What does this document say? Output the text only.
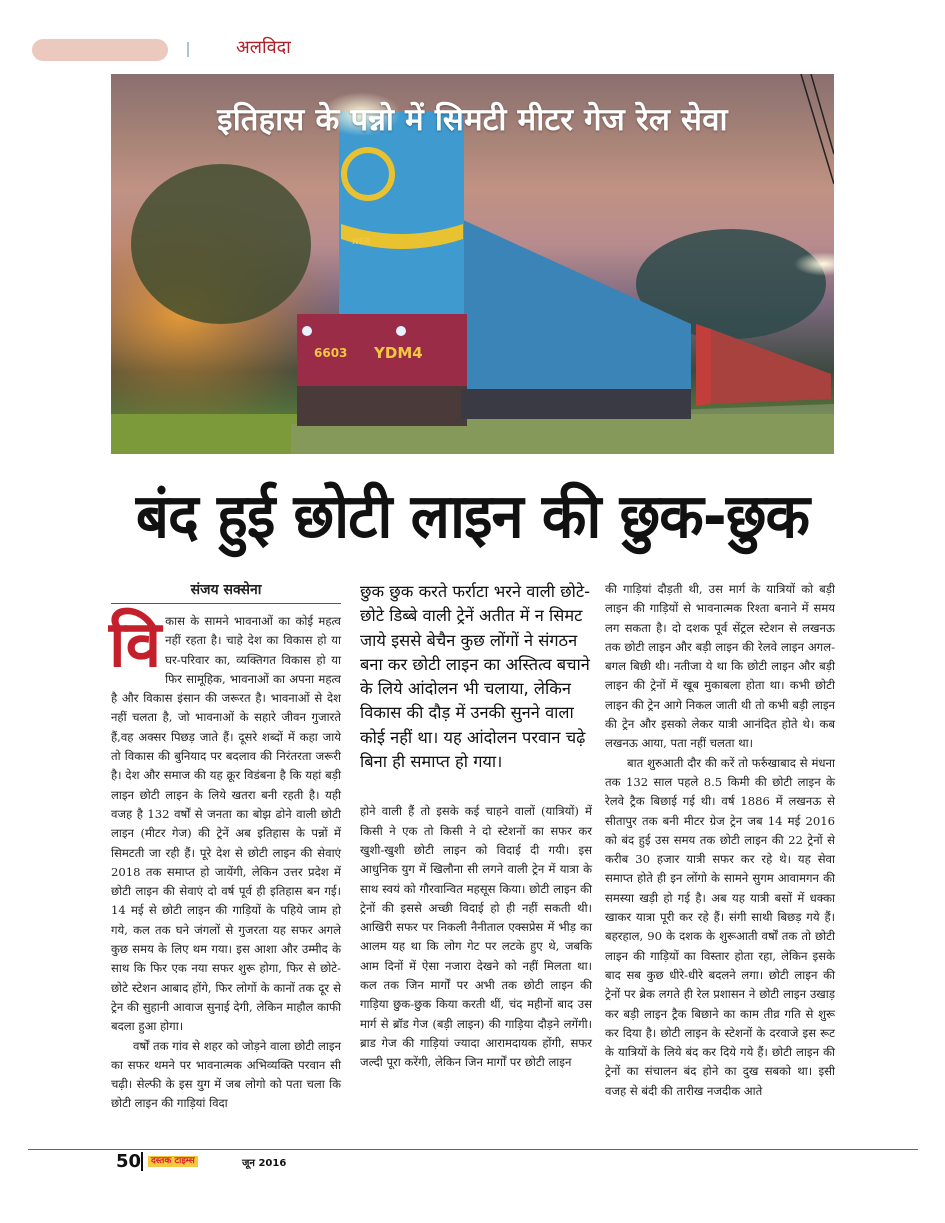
अलविदा
इतिहास के पन्नो में सिमटी मीटर गेज रेल सेवा
NER
6603 YDM4
बंद हुई छोटी लाइन की छुक-छुक
संजय सक्सेना
वि कास के सामने भावनाओं का कोई महत्व नहीं रहता है। चाहे देश का विकास हो या घर-परिवार का, व्यक्तिगत विकास हो या फिर सामूहिक, भावनाओं का अपना महत्व है और विकास इंसान की जरूरत है। भावनाओं से देश नहीं चलता है, जो भावनाओं के सहारे जीवन गुजारते हैं,वह अक्सर पिछड़ जाते हैं। दूसरे शब्दों में कहा जाये तो विकास की बुनियाद पर बदलाव की निरंतरता जरूरी है। देश और समाज की यह क्रूर विडंबना है कि यहां बड़ी लाइन छोटी लाइन के लिये खतरा बनी रहती है। यही वजह है 132 वर्षों से जनता का बोझ ढोने वाली छोटी लाइन (मीटर गेज) की ट्रेनें अब इतिहास के पन्नों में सिमटती जा रही हैं। पूरे देश से छोटी लाइन की सेवाएं 2018 तक समाप्त हो जायेंगी, लेकिन उत्तर प्रदेश में छोटी लाइन की सेवाएं दो वर्ष पूर्व ही इतिहास बन गई। 14 मई से छोटी लाइन की गाड़ियों के पहिये जाम हो गये, कल तक घने जंगलों से गुजरता यह सफर अगले कुछ समय के लिए थम गया। इस आशा और उम्मीद के साथ कि फिर एक नया सफर शुरू होगा, फिर से छोटे-छोटे स्टेशन आबाद होंगे, फिर लोगों के कानों तक दूर से ट्रेन की सुहानी आवाज सुनाई देगी, लेकिन माहौल काफी बदला हुआ होगा।

वर्षों तक गांव से शहर को जोड़ने वाला छोटी लाइन का सफर थमने पर भावनात्मक अभिव्यक्ति परवान सी चढ़ी। सेल्फी के इस युग में जब लोगो को पता चला कि छोटी लाइन की गाड़ियां विदा

छुक छुक करते फर्राटा भरने वाली छोटे-छोटे डिब्बे वाली ट्रेनें अतीत में न सिमट जाये इससे बेचैन कुछ लोंगों ने संगठन बना कर छोटी लाइन का अस्तित्व बचाने के लिये आंदोलन भी चलाया, लेकिन विकास की दौड़ में उनकी सुनने वाला कोई नहीं था। यह आंदोलन परवान चढ़े बिना ही समाप्त हो गया।

होने वाली हैं तो इसके कई चाहने वालों (यात्रियों) में किसी ने एक तो किसी ने दो स्टेशनों का सफर कर खुशी-खुशी छोटी लाइन को विदाई दी गयी। इस आधुनिक युग में खिलौना सी लगने वाली ट्रेन में यात्रा के साथ स्वयं को गौरवान्वित महसूस किया। छोटी लाइन की ट्रेनों की इससे अच्छी विदाई हो ही नहीं सकती थी। आखिरी सफर पर निकली नैनीताल एक्सप्रेस में भीड़ का आलम यह था कि लोग गेट पर लटके हुए थे, जबकि आम दिनों में ऐसा नजारा देखने को नहीं मिलता था। कल तक जिन मार्गों पर अभी तक छोटी लाइन की गाड़िया छुक-छुक किया करती थीं, चंद महीनों बाद उस मार्ग से ब्रॉड गेज (बड़ी लाइन) की गाड़िया दौड़ने लगेंगी। ब्राड गेज की गाड़ियां ज्यादा आरामदायक होंगी, सफर जल्दी पूरा करेंगी, लेकिन जिन मार्गों पर छोटी लाइन

की गाड़ियां दौड़ती थी, उस मार्ग के यात्रियों को बड़ी लाइन की गाड़ियों से भावनात्मक रिश्ता बनाने में समय लग सकता है। दो दशक पूर्व सेंट्रल स्टेशन से लखनऊ तक छोटी लाइन और बड़ी लाइन की रेलवे लाइन अगल-बगल बिछी थी। नतीजा ये था कि छोटी लाइन और बड़ी लाइन की ट्रेनों में खूब मुकाबला होता था। कभी छोटी लाइन की ट्रेन आगे निकल जाती थी तो कभी बड़ी लाइन की ट्रेन और इसको लेकर यात्री आनंदित होते थे। कब लखनऊ आया, पता नहीं चलता था।

बात शुरुआती दौर की करें तो फर्रुखाबाद से मंधना तक 132 साल पहले 8.5 किमी की छोटी लाइन के रेलवे ट्रैक बिछाई गई थी। वर्ष 1886 में लखनऊ से सीतापुर तक बनी मीटर ग्रेज ट्रेन जब 14 मई 2016 को बंद हुई उस समय तक छोटी लाइन की 22 ट्रेनों से करीब 30 हजार यात्री सफर कर रहे थे। यह सेवा समाप्त होते ही इन लोंगो के सामने सुगम आवामगन की समस्या खड़ी हो गई है। अब यह यात्री बसों में धक्का खाकर यात्रा पूरी कर रहे हैं। संगी साथी बिछड़ गये हैं। बहरहाल, 90 के दशक के शुरूआती वर्षों तक तो छोटी लाइन की गाड़ियों का विस्तार होता रहा, लेकिन इसके बाद सब कुछ धीरे-धीरे बदलने लगा। छोटी लाइन की ट्रेनों पर ब्रेक लगते ही रेल प्रशासन ने छोटी लाइन उखाड़ कर बड़ी लाइन ट्रैक बिछाने का काम तीव्र गति से शुरू कर दिया है। छोटी लाइन के स्टेशनों के दरवाजे इस रूट के यात्रियों के लिये बंद कर दिये गये हैं। छोटी लाइन की ट्रेनों का संचालन बंद होने का दुख सबको था। इसी वजह से बंदी की तारीख नजदीक आते

50	दस्तक टाइम्स	जून 2016
